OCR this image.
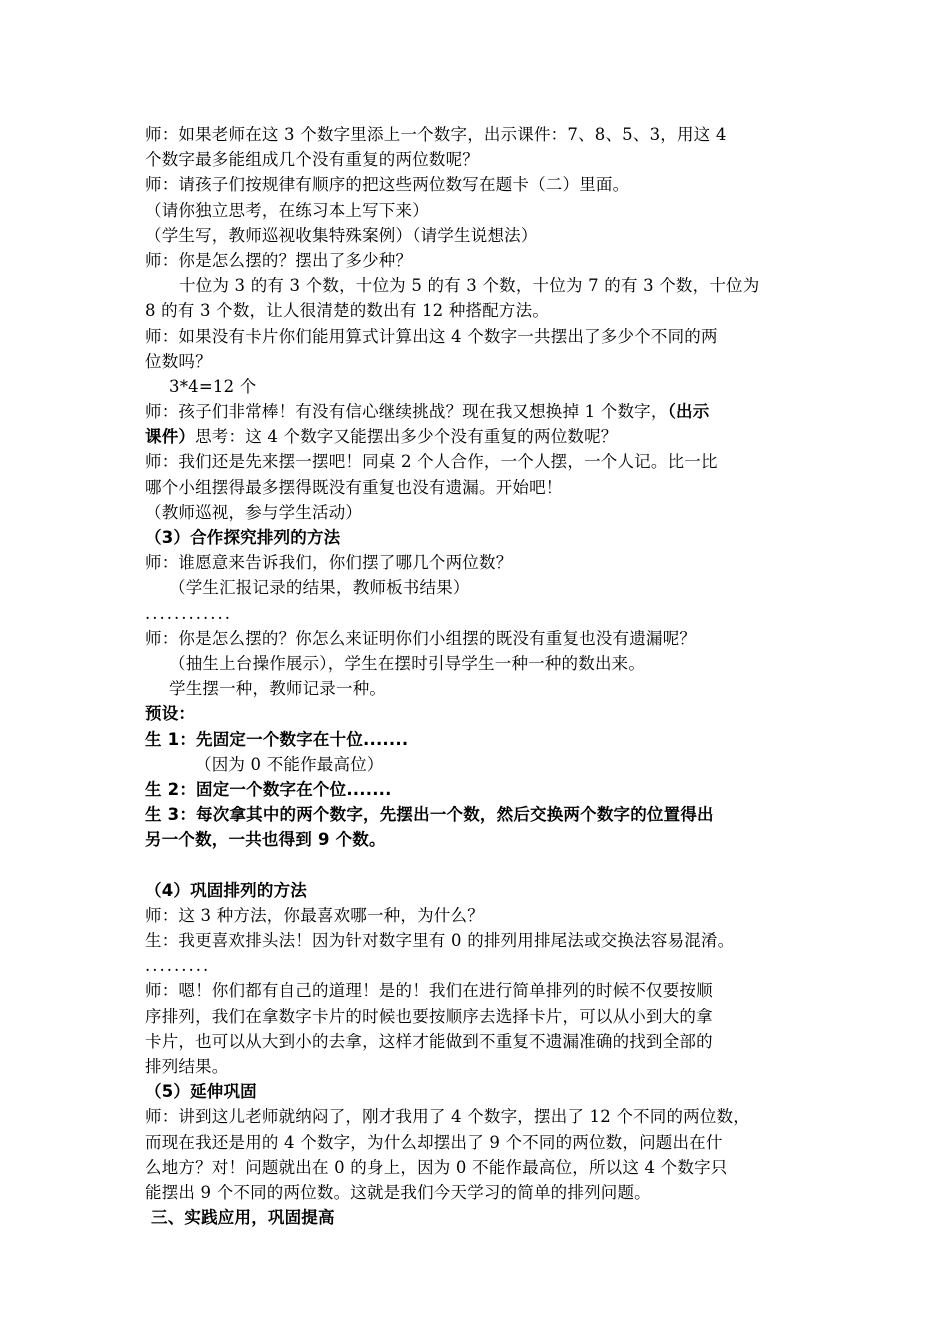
师：如果老师在这 3 个数字里添上一个数字，出示课件：7、8、5、3，用这 4
个数字最多能组成几个没有重复的两位数呢？
师：请孩子们按规律有顺序的把这些两位数写在题卡（二）里面。
（请你独立思考，在练习本上写下来）
（学生写，教师巡视收集特殊案例）（请学生说想法）
师：你是怎么摆的？摆出了多少种？
十位为 3 的有 3 个数，十位为 5 的有 3 个数，十位为 7 的有 3 个数，十位为
8 的有 3 个数，让人很清楚的数出有 12 种搭配方法。
师：如果没有卡片你们能用算式计算出这 4 个数字一共摆出了多少个不同的两
位数吗？
3*4=12 个
师：孩子们非常棒！有没有信心继续挑战？现在我又想换掉 1 个数字，（出示
课件）思考：这 4 个数字又能摆出多少个没有重复的两位数呢？
师：我们还是先来摆一摆吧！同桌 2 个人合作，一个人摆，一个人记。比一比
哪个小组摆得最多摆得既没有重复也没有遗漏。开始吧！
（教师巡视，参与学生活动）
（3）合作探究排列的方法
师：谁愿意来告诉我们，你们摆了哪几个两位数？
（学生汇报记录的结果，教师板书结果）
............
师：你是怎么摆的？你怎么来证明你们小组摆的既没有重复也没有遗漏呢？
（抽生上台操作展示），学生在摆时引导学生一种一种的数出来。
学生摆一种，教师记录一种。
预设：
生 1：先固定一个数字在十位.......
（因为 0 不能作最高位）
生 2：固定一个数字在个位.......
生 3：每次拿其中的两个数字，先摆出一个数，然后交换两个数字的位置得出
另一个数，一共也得到 9 个数。
（4）巩固排列的方法
师：这 3 种方法，你最喜欢哪一种，为什么？
生：我更喜欢排头法！因为针对数字里有 0 的排列用排尾法或交换法容易混淆。
.........
师：嗯！你们都有自己的道理！是的！我们在进行简单排列的时候不仅要按顺
序排列，我们在拿数字卡片的时候也要按顺序去选择卡片，可以从小到大的拿
卡片，也可以从大到小的去拿，这样才能做到不重复不遗漏准确的找到全部的
排列结果。
（5）延伸巩固
师：讲到这儿老师就纳闷了，刚才我用了 4 个数字，摆出了 12 个不同的两位数，
而现在我还是用的 4 个数字，为什么却摆出了 9 个不同的两位数，问题出在什
么地方？对！问题就出在 0 的身上，因为 0 不能作最高位，所以这 4 个数字只
能摆出 9 个不同的两位数。这就是我们今天学习的简单的排列问题。
三、实践应用，巩固提高
